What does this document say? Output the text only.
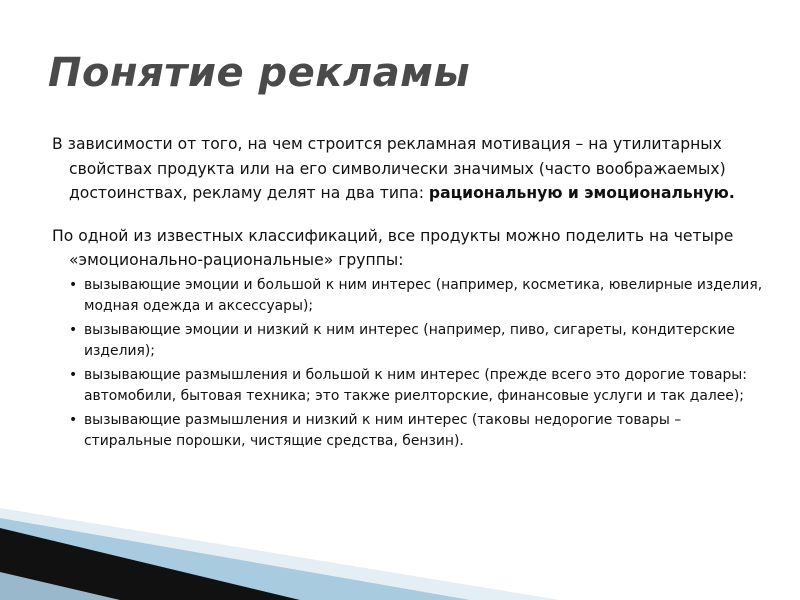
Понятие рекламы

В зависимости от того, на чем строится рекламная мотивация – на утилитарных свойствах продукта или на его символически значимых (часто воображаемых) достоинствах, рекламу делят на два типа: рациональную и эмоциональную.

По одной из известных классификаций, все продукты можно поделить на четыре «эмоционально-рациональные» группы:

• вызывающие эмоции и большой к ним интерес (например, косметика, ювелирные изделия, модная одежда и аксессуары);
• вызывающие эмоции и низкий к ним интерес (например, пиво, сигареты, кондитерские изделия);
• вызывающие размышления и большой к ним интерес (прежде всего это дорогие товары: автомобили, бытовая техника; это также риелторские, финансовые услуги и так далее);
• вызывающие размышления и низкий к ним интерес (таковы недорогие товары – стиральные порошки, чистящие средства, бензин).
